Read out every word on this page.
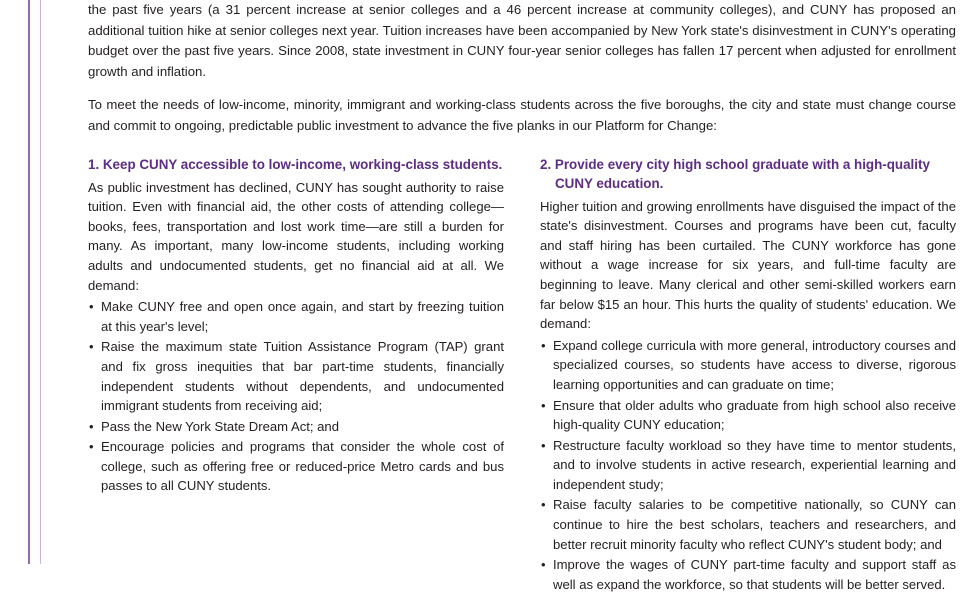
the past five years (a 31 percent increase at senior colleges and a 46 percent increase at community colleges), and CUNY has proposed an additional tuition hike at senior colleges next year. Tuition increases have been accompanied by New York state's disinvestment in CUNY's operating budget over the past five years. Since 2008, state investment in CUNY four-year senior colleges has fallen 17 percent when adjusted for enrollment growth and inflation.

To meet the needs of low-income, minority, immigrant and working-class students across the five boroughs, the city and state must change course and commit to ongoing, predictable public investment to advance the five planks in our Platform for Change:

1. Keep CUNY accessible to low-income, working-class students.

As public investment has declined, CUNY has sought authority to raise tuition. Even with financial aid, the other costs of attending college—books, fees, transportation and lost work time—are still a burden for many. As important, many low-income students, including working adults and undocumented students, get no financial aid at all. We demand:

• Make CUNY free and open once again, and start by freezing tuition at this year's level;
• Raise the maximum state Tuition Assistance Program (TAP) grant and fix gross inequities that bar part-time students, financially independent students without dependents, and undocumented immigrant students from receiving aid;
• Pass the New York State Dream Act; and
• Encourage policies and programs that consider the whole cost of college, such as offering free or reduced-price Metro cards and bus passes to all CUNY students.
2. Provide every city high school graduate with a high-quality
CUNY education.

Higher tuition and growing enrollments have disguised the impact of the state's disinvestment. Courses and programs have been cut, faculty and staff hiring has been curtailed. The CUNY workforce has gone without a wage increase for six years, and full-time faculty are beginning to leave. Many clerical and other semi-skilled workers earn far below $15 an hour. This hurts the quality of students' education. We demand:

• Expand college curricula with more general, introductory courses and specialized courses, so students have access to diverse, rigorous learning opportunities and can graduate on time;
• Ensure that older adults who graduate from high school also receive high-quality CUNY education;
• Restructure faculty workload so they have time to mentor students, and to involve students in active research, experiential learning and independent study;
• Raise faculty salaries to be competitive nationally, so CUNY can continue to hire the best scholars, teachers and researchers, and better recruit minority faculty who reflect CUNY's student body; and
• Improve the wages of CUNY part-time faculty and support staff as well as expand the workforce, so that students will be better served.
